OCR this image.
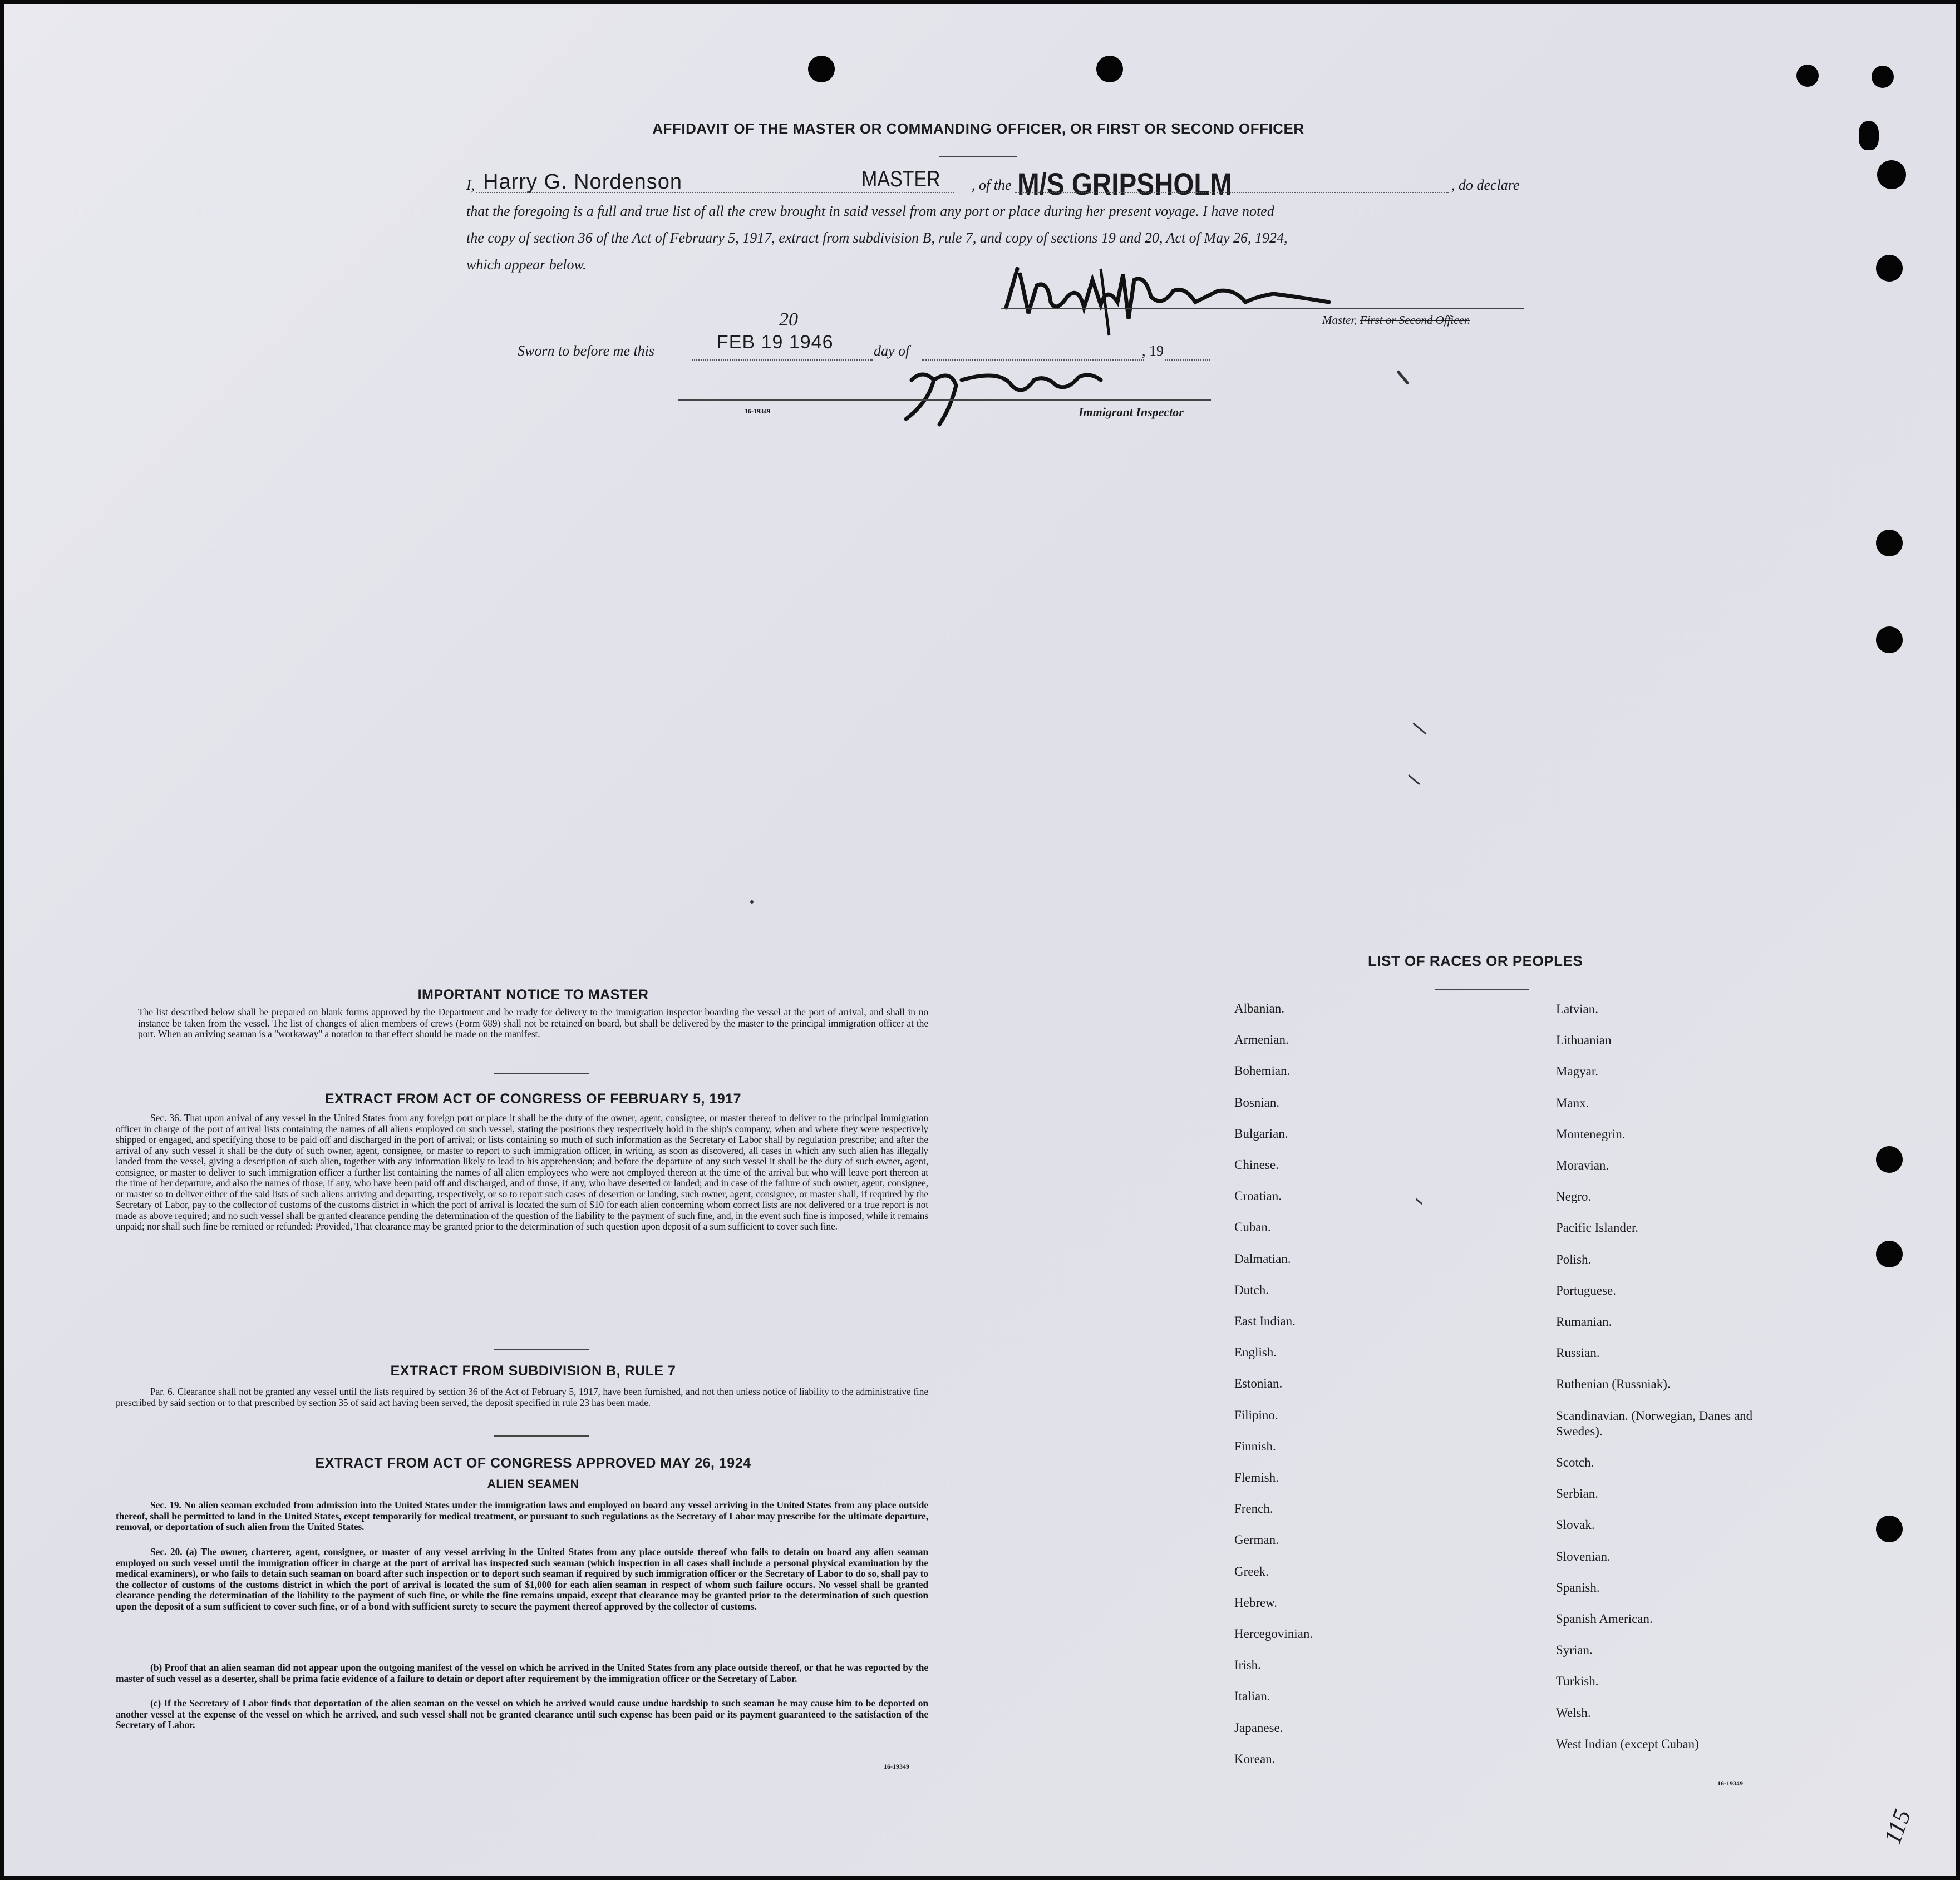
AFFIDAVIT OF THE MASTER OR COMMANDING OFFICER, OR FIRST OR SECOND OFFICER
I, Harry G. Nordenson	MASTER , of the M/S GRIPSHOLM	, do declare
that the foregoing is a full and true list of all the crew brought in said vessel from any port or place during her present voyage. I have noted
the copy of section 36 of the Act of February 5, 1917, extract from subdivision B, rule 7, and copy of sections 19 and 20, Act of May 26, 1924,
which appear below.
Master, First or Second Officer.
Sworn to before me this	FEB 19 1946
20
day of	, 19
16-19349	Immigrant Inspector
IMPORTANT NOTICE TO MASTER
The list described below shall be prepared on blank forms approved by the Department and be ready for delivery to the immigration inspector boarding the vessel at the port of arrival, and shall in no instance be taken from the vessel. The list of changes of alien members of crews (Form 689) shall not be retained on board, but shall be delivered by the master to the principal immigration officer at the port. When an arriving seaman is a "workaway" a notation to that effect should be made on the manifest.
EXTRACT FROM ACT OF CONGRESS OF FEBRUARY 5, 1917
Sec. 36. That upon arrival of any vessel in the United States from any foreign port or place it shall be the duty of the owner, agent, consignee, or master thereof to deliver to the principal immigration officer in charge of the port of arrival lists containing the names of all aliens employed on such vessel, stating the positions they respectively hold in the ship's company, when and where they were respectively shipped or engaged, and specifying those to be paid off and discharged in the port of arrival; or lists containing so much of such information as the Secretary of Labor shall by regulation prescribe; and after the arrival of any such vessel it shall be the duty of such owner, agent, consignee, or master to report to such immigration officer, in writing, as soon as discovered, all cases in which any such alien has illegally landed from the vessel, giving a description of such alien, together with any information likely to lead to his apprehension; and before the departure of any such vessel it shall be the duty of such owner, agent, consignee, or master to deliver to such immigration officer a further list containing the names of all alien employees who were not employed thereon at the time of the arrival but who will leave port thereon at the time of her departure, and also the names of those, if any, who have been paid off and discharged, and of those, if any, who have deserted or landed; and in case of the failure of such owner, agent, consignee, or master so to deliver either of the said lists of such aliens arriving and departing, respectively, or so to report such cases of desertion or landing, such owner, agent, consignee, or master shall, if required by the Secretary of Labor, pay to the collector of customs of the customs district in which the port of arrival is located the sum of $10 for each alien concerning whom correct lists are not delivered or a true report is not made as above required; and no such vessel shall be granted clearance pending the determination of the question of the liability to the payment of such fine, and, in the event such fine is imposed, while it remains unpaid; nor shall such fine be remitted or refunded: Provided, That clearance may be granted prior to the determination of such question upon deposit of a sum sufficient to cover such fine.
EXTRACT FROM SUBDIVISION B, RULE 7
Par. 6. Clearance shall not be granted any vessel until the lists required by section 36 of the Act of February 5, 1917, have been furnished, and not then unless notice of liability to the administrative fine prescribed by said section or to that prescribed by section 35 of said act having been served, the deposit specified in rule 23 has been made.
EXTRACT FROM ACT OF CONGRESS APPROVED MAY 26, 1924
ALIEN SEAMEN
Sec. 19. No alien seaman excluded from admission into the United States under the immigration laws and employed on board any vessel arriving in the United States from any place outside thereof, shall be permitted to land in the United States, except temporarily for medical treatment, or pursuant to such regulations as the Secretary of Labor may prescribe for the ultimate departure, removal, or deportation of such alien from the United States.
Sec. 20. (a) The owner, charterer, agent, consignee, or master of any vessel arriving in the United States from any place outside thereof who fails to detain on board any alien seaman employed on such vessel until the immigration officer in charge at the port of arrival has inspected such seaman (which inspection in all cases shall include a personal physical examination by the medical examiners), or who fails to detain such seaman on board after such inspection or to deport such seaman if required by such immigration officer or the Secretary of Labor to do so, shall pay to the collector of customs of the customs district in which the port of arrival is located the sum of $1,000 for each alien seaman in respect of whom such failure occurs. No vessel shall be granted clearance pending the determination of the liability to the payment of such fine, or while the fine remains unpaid, except that clearance may be granted prior to the determination of such question upon the deposit of a sum sufficient to cover such fine, or of a bond with sufficient surety to secure the payment thereof approved by the collector of customs.
(b) Proof that an alien seaman did not appear upon the outgoing manifest of the vessel on which he arrived in the United States from any place outside thereof, or that he was reported by the master of such vessel as a deserter, shall be prima facie evidence of a failure to detain or deport after requirement by the immigration officer or the Secretary of Labor.
(c) If the Secretary of Labor finds that deportation of the alien seaman on the vessel on which he arrived would cause undue hardship to such seaman he may cause him to be deported on another vessel at the expense of the vessel on which he arrived, and such vessel shall not be granted clearance until such expense has been paid or its payment guaranteed to the satisfaction of the Secretary of Labor.
16-19349
LIST OF RACES OR PEOPLES
16-19349
115
Albanian.
Armenian.
Bohemian.
Bosnian.
Bulgarian.
Chinese.
Croatian.
Cuban.
Dalmatian.
Dutch.
East Indian.
English.
Estonian.
Filipino.
Finnish.
Flemish.
French.
German.
Greek.
Hebrew.
Hercegovinian.
Irish.
Italian.
Japanese.
Korean.
Latvian.
Lithuanian
Magyar.
Manx.
Montenegrin.
Moravian.
Negro.
Pacific Islander.
Polish.
Portuguese.
Rumanian.
Russian.
Ruthenian (Russniak).
Scandinavian. (Norwegian, Danes and Swedes).
Scotch.
Serbian.
Slovak.
Slovenian.
Spanish.
Spanish American.
Syrian.
Turkish.
Welsh.
West Indian (except Cuban)
